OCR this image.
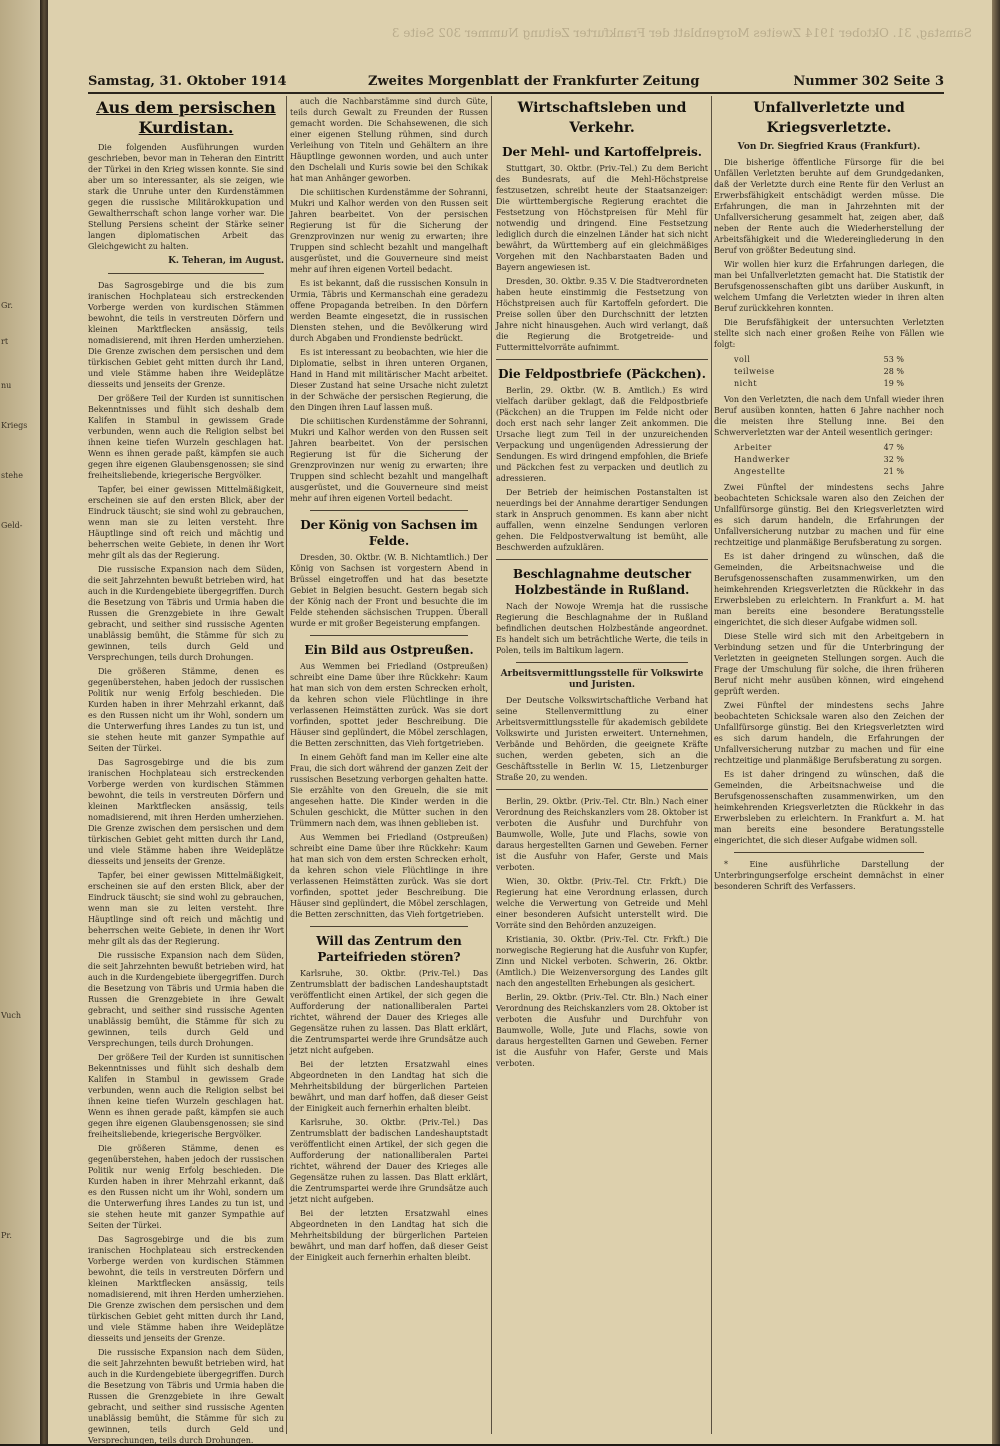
Gr.
rt
nu
Kriegs
stehe
Geld-
Vuch
Pr.
Samstag, 31. Oktober 1914 Zweites Morgenblatt der Frankfurter Zeitung Nummer 302 Seite 3
Samstag, 31. Oktober 1914	Zweites Morgenblatt der Frankfurter Zeitung	Nummer 302 Seite 3
Aus dem persischen Kurdistan.

Die folgenden Ausführungen wurden geschrieben, bevor man in Teheran den Eintritt der Türkei in den Krieg wissen konnte. Sie sind aber um so interessanter, als sie zeigen, wie stark die Unruhe unter den Kurdenstämmen gegen die russische Militärokkupation und Gewaltherrschaft schon lange vorher war. Die Stellung Persiens scheint der Stärke seiner langen diplomatischen Arbeit das Gleichgewicht zu halten.

K. Teheran, im August.

Das Sagrosgebirge und die bis zum iranischen Hochplateau sich erstreckenden Vorberge werden von kurdischen Stämmen bewohnt, die teils in verstreuten Dörfern und kleinen Marktflecken ansässig, teils nomadisierend, mit ihren Herden umherziehen. Die Grenze zwischen dem persischen und dem türkischen Gebiet geht mitten durch ihr Land, und viele Stämme haben ihre Weideplätze diesseits und jenseits der Grenze.

Der größere Teil der Kurden ist sunnitischen Bekenntnisses und fühlt sich deshalb dem Kalifen in Stambul in gewissem Grade verbunden, wenn auch die Religion selbst bei ihnen keine tiefen Wurzeln geschlagen hat. Wenn es ihnen gerade paßt, kämpfen sie auch gegen ihre eigenen Glaubensgenossen; sie sind freiheitsliebende, kriegerische Bergvölker.

Tapfer, bei einer gewissen Mittelmäßigkeit, erscheinen sie auf den ersten Blick, aber der Eindruck täuscht; sie sind wohl zu gebrauchen, wenn man sie zu leiten versteht. Ihre Häuptlinge sind oft reich und mächtig und beherrschen weite Gebiete, in denen ihr Wort mehr gilt als das der Regierung.

Die russische Expansion nach dem Süden, die seit Jahrzehnten bewußt betrieben wird, hat auch in die Kurdengebiete übergegriffen. Durch die Besetzung von Täbris und Urmia haben die Russen die Grenzgebiete in ihre Gewalt gebracht, und seither sind russische Agenten unablässig bemüht, die Stämme für sich zu gewinnen, teils durch Geld und Versprechungen, teils durch Drohungen.

Die größeren Stämme, denen es gegenüberstehen, haben jedoch der russischen Politik nur wenig Erfolg beschieden. Die Kurden haben in ihrer Mehrzahl erkannt, daß es den Russen nicht um ihr Wohl, sondern um die Unterwerfung ihres Landes zu tun ist, und sie stehen heute mit ganzer Sympathie auf Seiten der Türkei.

Das Sagrosgebirge und die bis zum iranischen Hochplateau sich erstreckenden Vorberge werden von kurdischen Stämmen bewohnt, die teils in verstreuten Dörfern und kleinen Marktflecken ansässig, teils nomadisierend, mit ihren Herden umherziehen. Die Grenze zwischen dem persischen und dem türkischen Gebiet geht mitten durch ihr Land, und viele Stämme haben ihre Weideplätze diesseits und jenseits der Grenze.

Tapfer, bei einer gewissen Mittelmäßigkeit, erscheinen sie auf den ersten Blick, aber der Eindruck täuscht; sie sind wohl zu gebrauchen, wenn man sie zu leiten versteht. Ihre Häuptlinge sind oft reich und mächtig und beherrschen weite Gebiete, in denen ihr Wort mehr gilt als das der Regierung.

Die russische Expansion nach dem Süden, die seit Jahrzehnten bewußt betrieben wird, hat auch in die Kurdengebiete übergegriffen. Durch die Besetzung von Täbris und Urmia haben die Russen die Grenzgebiete in ihre Gewalt gebracht, und seither sind russische Agenten unablässig bemüht, die Stämme für sich zu gewinnen, teils durch Geld und Versprechungen, teils durch Drohungen.

Der größere Teil der Kurden ist sunnitischen Bekenntnisses und fühlt sich deshalb dem Kalifen in Stambul in gewissem Grade verbunden, wenn auch die Religion selbst bei ihnen keine tiefen Wurzeln geschlagen hat. Wenn es ihnen gerade paßt, kämpfen sie auch gegen ihre eigenen Glaubensgenossen; sie sind freiheitsliebende, kriegerische Bergvölker.

Die größeren Stämme, denen es gegenüberstehen, haben jedoch der russischen Politik nur wenig Erfolg beschieden. Die Kurden haben in ihrer Mehrzahl erkannt, daß es den Russen nicht um ihr Wohl, sondern um die Unterwerfung ihres Landes zu tun ist, und sie stehen heute mit ganzer Sympathie auf Seiten der Türkei.

Das Sagrosgebirge und die bis zum iranischen Hochplateau sich erstreckenden Vorberge werden von kurdischen Stämmen bewohnt, die teils in verstreuten Dörfern und kleinen Marktflecken ansässig, teils nomadisierend, mit ihren Herden umherziehen. Die Grenze zwischen dem persischen und dem türkischen Gebiet geht mitten durch ihr Land, und viele Stämme haben ihre Weideplätze diesseits und jenseits der Grenze.

Die russische Expansion nach dem Süden, die seit Jahrzehnten bewußt betrieben wird, hat auch in die Kurdengebiete übergegriffen. Durch die Besetzung von Täbris und Urmia haben die Russen die Grenzgebiete in ihre Gewalt gebracht, und seither sind russische Agenten unablässig bemüht, die Stämme für sich zu gewinnen, teils durch Geld und Versprechungen, teils durch Drohungen.

auch die Nachbarstämme sind durch Güte, teils durch Gewalt zu Freunden der Russen gemacht worden. Die Schahsewenen, die sich einer eigenen Stellung rühmen, sind durch Verleihung von Titeln und Gehältern an ihre Häuptlinge gewonnen worden, und auch unter den Dschelali und Kuris sowie bei den Schikak hat man Anhänger geworben.

Die schiitischen Kurdenstämme der Sohranni, Mukri und Kalhor werden von den Russen seit Jahren bearbeitet. Von der persischen Regierung ist für die Sicherung der Grenzprovinzen nur wenig zu erwarten; ihre Truppen sind schlecht bezahlt und mangelhaft ausgerüstet, und die Gouverneure sind meist mehr auf ihren eigenen Vorteil bedacht.

Es ist bekannt, daß die russischen Konsuln in Urmia, Täbris und Kermanschah eine geradezu offene Propaganda betreiben. In den Dörfern werden Beamte eingesetzt, die in russischen Diensten stehen, und die Bevölkerung wird durch Abgaben und Frondienste bedrückt.

Es ist interessant zu beobachten, wie hier die Diplomatie, selbst in ihren unteren Organen, Hand in Hand mit militärischer Macht arbeitet. Dieser Zustand hat seine Ursache nicht zuletzt in der Schwäche der persischen Regierung, die den Dingen ihren Lauf lassen muß.

Die schiitischen Kurdenstämme der Sohranni, Mukri und Kalhor werden von den Russen seit Jahren bearbeitet. Von der persischen Regierung ist für die Sicherung der Grenzprovinzen nur wenig zu erwarten; ihre Truppen sind schlecht bezahlt und mangelhaft ausgerüstet, und die Gouverneure sind meist mehr auf ihren eigenen Vorteil bedacht.

Der König von Sachsen im Felde.

Dresden, 30. Oktbr. (W. B. Nichtamtlich.) Der König von Sachsen ist vorgestern Abend in Brüssel eingetroffen und hat das besetzte Gebiet in Belgien besucht. Gestern begab sich der König nach der Front und besuchte die im Felde stehenden sächsischen Truppen. Überall wurde er mit großer Begeisterung empfangen.

Ein Bild aus Ostpreußen.

Aus Wemmen bei Friedland (Ostpreußen) schreibt eine Dame über ihre Rückkehr: Kaum hat man sich von dem ersten Schrecken erholt, da kehren schon viele Flüchtlinge in ihre verlassenen Heimstätten zurück. Was sie dort vorfinden, spottet jeder Beschreibung. Die Häuser sind geplündert, die Möbel zerschlagen, die Betten zerschnitten, das Vieh fortgetrieben.

In einem Gehöft fand man im Keller eine alte Frau, die sich dort während der ganzen Zeit der russischen Besetzung verborgen gehalten hatte. Sie erzählte von den Greueln, die sie mit angesehen hatte. Die Kinder werden in die Schulen geschickt, die Mütter suchen in den Trümmern nach dem, was ihnen geblieben ist.

Aus Wemmen bei Friedland (Ostpreußen) schreibt eine Dame über ihre Rückkehr: Kaum hat man sich von dem ersten Schrecken erholt, da kehren schon viele Flüchtlinge in ihre verlassenen Heimstätten zurück. Was sie dort vorfinden, spottet jeder Beschreibung. Die Häuser sind geplündert, die Möbel zerschlagen, die Betten zerschnitten, das Vieh fortgetrieben.

Will das Zentrum den Parteifrieden stören?

Karlsruhe, 30. Oktbr. (Priv.-Tel.) Das Zentrumsblatt der badischen Landeshauptstadt veröffentlicht einen Artikel, der sich gegen die Aufforderung der nationalliberalen Partei richtet, während der Dauer des Krieges alle Gegensätze ruhen zu lassen. Das Blatt erklärt, die Zentrumspartei werde ihre Grundsätze auch jetzt nicht aufgeben.

Bei der letzten Ersatzwahl eines Abgeordneten in den Landtag hat sich die Mehrheitsbildung der bürgerlichen Parteien bewährt, und man darf hoffen, daß dieser Geist der Einigkeit auch fernerhin erhalten bleibt.

Karlsruhe, 30. Oktbr. (Priv.-Tel.) Das Zentrumsblatt der badischen Landeshauptstadt veröffentlicht einen Artikel, der sich gegen die Aufforderung der nationalliberalen Partei richtet, während der Dauer des Krieges alle Gegensätze ruhen zu lassen. Das Blatt erklärt, die Zentrumspartei werde ihre Grundsätze auch jetzt nicht aufgeben.

Bei der letzten Ersatzwahl eines Abgeordneten in den Landtag hat sich die Mehrheitsbildung der bürgerlichen Parteien bewährt, und man darf hoffen, daß dieser Geist der Einigkeit auch fernerhin erhalten bleibt.

Wirtschaftsleben und Verkehr.
Der Mehl- und Kartoffelpreis.

Stuttgart, 30. Oktbr. (Priv.-Tel.) Zu dem Bericht des Bundesrats, auf die Mehl-Höchstpreise festzusetzen, schreibt heute der Staatsanzeiger: Die württembergische Regierung erachtet die Festsetzung von Höchstpreisen für Mehl für notwendig und dringend. Eine Festsetzung lediglich durch die einzelnen Länder hat sich nicht bewährt, da Württemberg auf ein gleichmäßiges Vorgehen mit den Nachbarstaaten Baden und Bayern angewiesen ist.

Dresden, 30. Oktbr. 9.35 V. Die Stadtverordneten haben heute einstimmig die Festsetzung von Höchstpreisen auch für Kartoffeln gefordert. Die Preise sollen über den Durchschnitt der letzten Jahre nicht hinausgehen. Auch wird verlangt, daß die Regierung die Brotgetreide- und Futtermittelvorräte aufnimmt.

Die Feldpostbriefe (Päckchen).

Berlin, 29. Oktbr. (W. B. Amtlich.) Es wird vielfach darüber geklagt, daß die Feldpostbriefe (Päckchen) an die Truppen im Felde nicht oder doch erst nach sehr langer Zeit ankommen. Die Ursache liegt zum Teil in der unzureichenden Verpackung und ungenügenden Adressierung der Sendungen. Es wird dringend empfohlen, die Briefe und Päckchen fest zu verpacken und deutlich zu adressieren.

Der Betrieb der heimischen Postanstalten ist neuerdings bei der Annahme derartiger Sendungen stark in Anspruch genommen. Es kann aber nicht auffallen, wenn einzelne Sendungen verloren gehen. Die Feldpostverwaltung ist bemüht, alle Beschwerden aufzuklären.

Beschlagnahme deutscher Holzbestände in Rußland.

Nach der Nowoje Wremja hat die russische Regierung die Beschlagnahme der in Rußland befindlichen deutschen Holzbestände angeordnet. Es handelt sich um beträchtliche Werte, die teils in Polen, teils im Baltikum lagern.

Arbeitsvermittlungsstelle für Volkswirte und Juristen.

Der Deutsche Volkswirtschaftliche Verband hat seine Stellenvermittlung zu einer Arbeitsvermittlungsstelle für akademisch gebildete Volkswirte und Juristen erweitert. Unternehmen, Verbände und Behörden, die geeignete Kräfte suchen, werden gebeten, sich an die Geschäftsstelle in Berlin W. 15, Lietzenburger Straße 20, zu wenden.

Berlin, 29. Oktbr. (Priv.-Tel. Ctr. Bln.) Nach einer Verordnung des Reichskanzlers vom 28. Oktober ist verboten die Ausfuhr und Durchfuhr von Baumwolle, Wolle, Jute und Flachs, sowie von daraus hergestellten Garnen und Geweben. Ferner ist die Ausfuhr von Hafer, Gerste und Mais verboten.

Wien, 30. Oktbr. (Priv.-Tel. Ctr. Frkft.) Die Regierung hat eine Verordnung erlassen, durch welche die Verwertung von Getreide und Mehl einer besonderen Aufsicht unterstellt wird. Die Vorräte sind den Behörden anzuzeigen.

Kristiania, 30. Oktbr. (Priv.-Tel. Ctr. Frkft.) Die norwegische Regierung hat die Ausfuhr von Kupfer, Zinn und Nickel verboten. Schwerin, 26. Oktbr. (Amtlich.) Die Weizenversorgung des Landes gilt nach den angestellten Erhebungen als gesichert.

Berlin, 29. Oktbr. (Priv.-Tel. Ctr. Bln.) Nach einer Verordnung des Reichskanzlers vom 28. Oktober ist verboten die Ausfuhr und Durchfuhr von Baumwolle, Wolle, Jute und Flachs, sowie von daraus hergestellten Garnen und Geweben. Ferner ist die Ausfuhr von Hafer, Gerste und Mais verboten.

Unfallverletzte und Kriegsverletzte.
Von Dr. Siegfried Kraus (Frankfurt).

Die bisherige öffentliche Fürsorge für die bei Unfällen Verletzten beruhte auf dem Grundgedanken, daß der Verletzte durch eine Rente für den Verlust an Erwerbsfähigkeit entschädigt werden müsse. Die Erfahrungen, die man in Jahrzehnten mit der Unfallversicherung gesammelt hat, zeigen aber, daß neben der Rente auch die Wiederherstellung der Arbeitsfähigkeit und die Wiedereingliederung in den Beruf von größter Bedeutung sind.

Wir wollen hier kurz die Erfahrungen darlegen, die man bei Unfallverletzten gemacht hat. Die Statistik der Berufsgenossenschaften gibt uns darüber Auskunft, in welchem Umfang die Verletzten wieder in ihren alten Beruf zurückkehren konnten.

Die Berufsfähigkeit der untersuchten Verletzten stellte sich nach einer großen Reihe von Fällen wie folgt:

voll	53 %
teilweise	28 %
nicht	19 %

Von den Verletzten, die nach dem Unfall wieder ihren Beruf ausüben konnten, hatten 6 Jahre nachher noch die meisten ihre Stellung inne. Bei den Schwerverletzten war der Anteil wesentlich geringer:

Arbeiter	47 %
Handwerker	32 %
Angestellte	21 %

Zwei Fünftel der mindestens sechs Jahre beobachteten Schicksale waren also den Zeichen der Unfallfürsorge günstig. Bei den Kriegsverletzten wird es sich darum handeln, die Erfahrungen der Unfallversicherung nutzbar zu machen und für eine rechtzeitige und planmäßige Berufsberatung zu sorgen.

Es ist daher dringend zu wünschen, daß die Gemeinden, die Arbeitsnachweise und die Berufsgenossenschaften zusammenwirken, um den heimkehrenden Kriegsverletzten die Rückkehr in das Erwerbsleben zu erleichtern. In Frankfurt a. M. hat man bereits eine besondere Beratungsstelle eingerichtet, die sich dieser Aufgabe widmen soll.

Diese Stelle wird sich mit den Arbeitgebern in Verbindung setzen und für die Unterbringung der Verletzten in geeigneten Stellungen sorgen. Auch die Frage der Umschulung für solche, die ihren früheren Beruf nicht mehr ausüben können, wird eingehend geprüft werden.

Zwei Fünftel der mindestens sechs Jahre beobachteten Schicksale waren also den Zeichen der Unfallfürsorge günstig. Bei den Kriegsverletzten wird es sich darum handeln, die Erfahrungen der Unfallversicherung nutzbar zu machen und für eine rechtzeitige und planmäßige Berufsberatung zu sorgen.

Es ist daher dringend zu wünschen, daß die Gemeinden, die Arbeitsnachweise und die Berufsgenossenschaften zusammenwirken, um den heimkehrenden Kriegsverletzten die Rückkehr in das Erwerbsleben zu erleichtern. In Frankfurt a. M. hat man bereits eine besondere Beratungsstelle eingerichtet, die sich dieser Aufgabe widmen soll.

* Eine ausführliche Darstellung der Unterbringungserfolge erscheint demnächst in einer besonderen Schrift des Verfassers.
